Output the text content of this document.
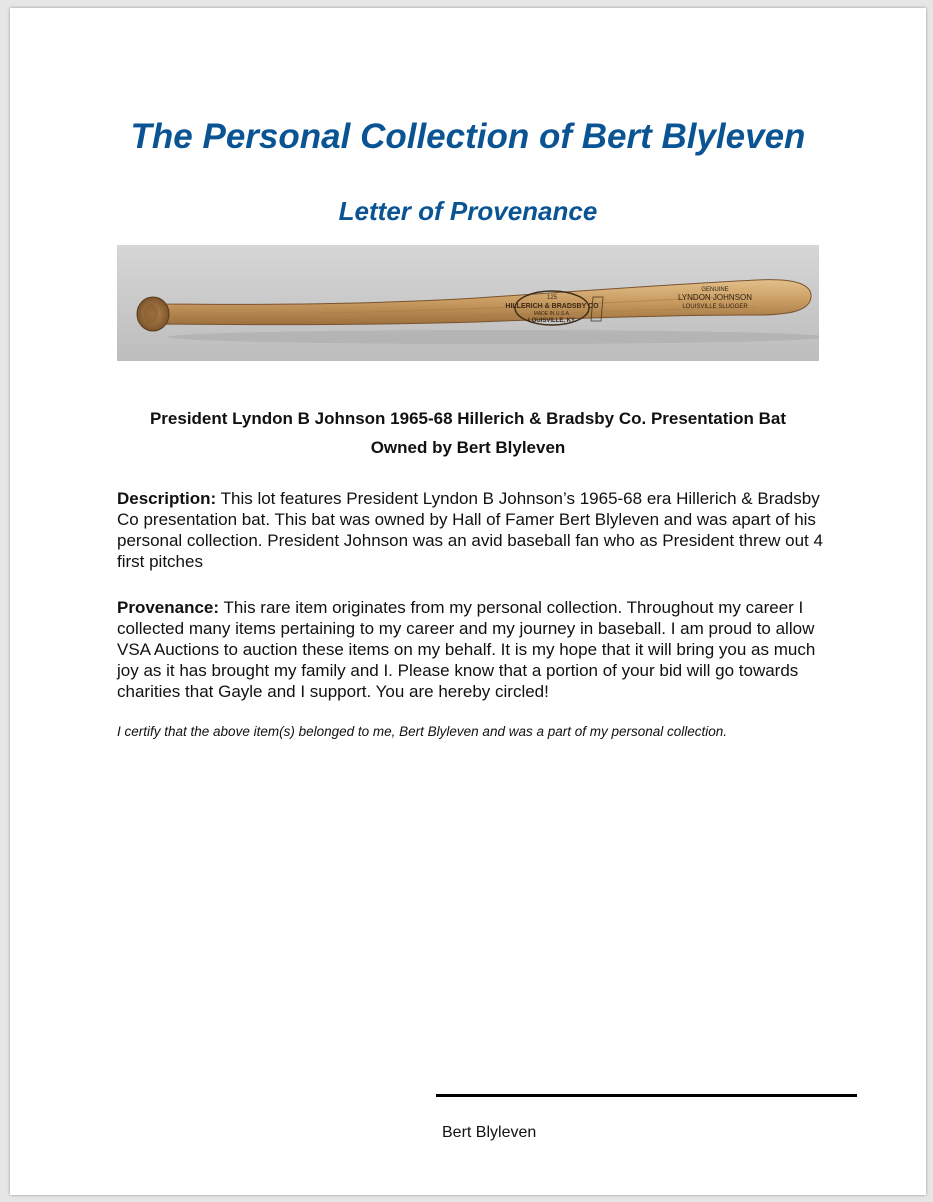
The Personal Collection of Bert Blyleven
Letter of Provenance
125
HILLERICH & BRADSBY CO
MADE IN U.S.A.
LOUISVILLE, KY.
GENUINE
LYNDON JOHNSON
LOUISVILLE SLUGGER
President Lyndon B Johnson 1965-68 Hillerich & Bradsby Co. Presentation Bat
Owned by Bert Blyleven
Description: This lot features President Lyndon B Johnson’s 1965-68 era Hillerich & Bradsby Co presentation bat. This bat was owned by Hall of Famer Bert Blyleven and was apart of his personal collection. President Johnson was an avid baseball fan who as President threw out 4 first pitches
Provenance: This rare item originates from my personal collection. Throughout my career I collected many items pertaining to my career and my journey in baseball. I am proud to allow VSA Auctions to auction these items on my behalf. It is my hope that it will bring you as much joy as it has brought my family and I. Please know that a portion of your bid will go towards charities that Gayle and I support. You are hereby circled!
I certify that the above item(s) belonged to me, Bert Blyleven and was a part of my personal collection.
Bert Blyleven
